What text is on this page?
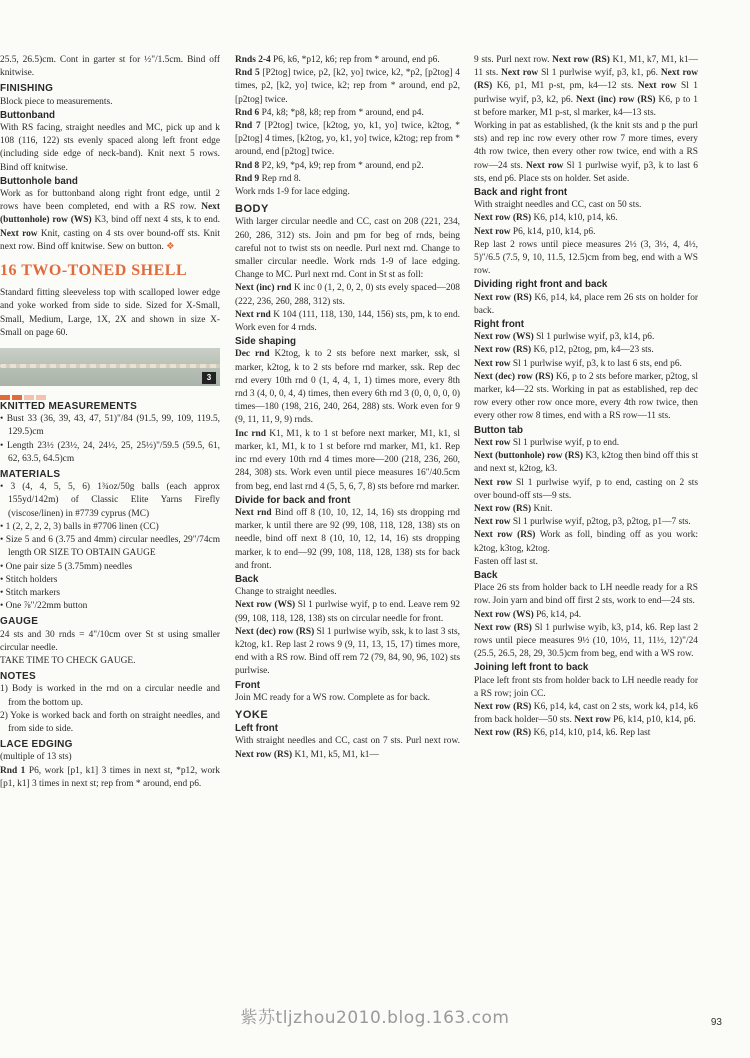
25.5, 26.5)cm. Cont in garter st for ½"/1.5cm. Bind off knitwise.

FINISHING

Block piece to measurements.

Buttonband

With RS facing, straight needles and MC, pick up and k 108 (116, 122) sts evenly spaced along left front edge (including side edge of neck-band). Knit next 5 rows. Bind off knitwise.

Buttonhole band

Work as for buttonband along right front edge, until 2 rows have been completed, end with a RS row. Next (buttonhole) row (WS) K3, bind off next 4 sts, k to end. Next row Knit, casting on 4 sts over bound-off sts. Knit next row. Bind off knitwise. Sew on button. ❖

16 TWO-TONED SHELL

Standard fitting sleeveless top with scalloped lower edge and yoke worked from side to side. Sized for X-Small, Small, Medium, Large, 1X, 2X and shown in size X-Small on page 60.

3
KNITTED MEASUREMENTS

• Bust 33 (36, 39, 43, 47, 51)"/84 (91.5, 99, 109, 119.5, 129.5)cm

• Length 23½ (23½, 24, 24½, 25, 25½)"/59.5 (59.5, 61, 62, 63.5, 64.5)cm

MATERIALS

• 3 (4, 4, 5, 5, 6) 1¾oz/50g balls (each approx 155yd/142m) of Classic Elite Yarns Firefly (viscose/linen) in #7739 cyprus (MC)

• 1 (2, 2, 2, 2, 3) balls in #7706 linen (CC)

• Size 5 and 6 (3.75 and 4mm) circular needles, 29"/74cm length OR SIZE TO OBTAIN GAUGE

• One pair size 5 (3.75mm) needles

• Stitch holders

• Stitch markers

• One ⅞"/22mm button

GAUGE

24 sts and 30 rnds = 4"/10cm over St st using smaller circular needle.

TAKE TIME TO CHECK GAUGE.

NOTES

1) Body is worked in the rnd on a circular needle and from the bottom up.

2) Yoke is worked back and forth on straight needles, and from side to side.

LACE EDGING

(multiple of 13 sts)

Rnd 1 P6, work [p1, k1] 3 times in next st, *p12, work [p1, k1] 3 times in next st; rep from * around, end p6.

Rnds 2-4 P6, k6, *p12, k6; rep from * around, end p6.

Rnd 5 [P2tog] twice, p2, [k2, yo] twice, k2, *p2, [p2tog] 4 times, p2, [k2, yo] twice, k2; rep from * around, end p2, [p2tog] twice.

Rnd 6 P4, k8; *p8, k8; rep from * around, end p4.

Rnd 7 [P2tog] twice, [k2tog, yo, k1, yo] twice, k2tog, *[p2tog] 4 times, [k2tog, yo, k1, yo] twice, k2tog; rep from * around, end [p2tog] twice.

Rnd 8 P2, k9, *p4, k9; rep from * around, end p2.

Rnd 9 Rep rnd 8.

Work rnds 1-9 for lace edging.

BODY

With larger circular needle and CC, cast on 208 (221, 234, 260, 286, 312) sts. Join and pm for beg of rnds, being careful not to twist sts on needle. Purl next rnd. Change to smaller circular needle. Work rnds 1-9 of lace edging. Change to MC. Purl next rnd. Cont in St st as foll:

Next (inc) rnd K inc 0 (1, 2, 0, 2, 0) sts evely spaced—208 (222, 236, 260, 288, 312) sts.

Next rnd K 104 (111, 118, 130, 144, 156) sts, pm, k to end. Work even for 4 rnds.

Side shaping

Dec rnd K2tog, k to 2 sts before next marker, ssk, sl marker, k2tog, k to 2 sts before rnd marker, ssk. Rep dec rnd every 10th rnd 0 (1, 4, 4, 1, 1) times more, every 8th rnd 3 (4, 0, 0, 4, 4) times, then every 6th rnd 3 (0, 0, 0, 0, 0) times—180 (198, 216, 240, 264, 288) sts. Work even for 9 (9, 11, 11, 9, 9) rnds.

Inc rnd K1, M1, k to 1 st before next marker, M1, k1, sl marker, k1, M1, k to 1 st before rnd marker, M1, k1. Rep inc rnd every 10th rnd 4 times more—200 (218, 236, 260, 284, 308) sts. Work even until piece measures 16"/40.5cm from beg, end last rnd 4 (5, 5, 6, 7, 8) sts before rnd marker.

Divide for back and front

Next rnd Bind off 8 (10, 10, 12, 14, 16) sts dropping rnd marker, k until there are 92 (99, 108, 118, 128, 138) sts on needle, bind off next 8 (10, 10, 12, 14, 16) sts dropping marker, k to end—92 (99, 108, 118, 128, 138) sts for back and front.

Back

Change to straight needles.

Next row (WS) Sl 1 purlwise wyif, p to end. Leave rem 92 (99, 108, 118, 128, 138) sts on circular needle for front.

Next (dec) row (RS) Sl 1 purlwise wyib, ssk, k to last 3 sts, k2tog, k1. Rep last 2 rows 9 (9, 11, 13, 15, 17) times more, end with a RS row. Bind off rem 72 (79, 84, 90, 96, 102) sts purlwise.

Front

Join MC ready for a WS row. Complete as for back.

YOKE
Left front

With straight needles and CC, cast on 7 sts. Purl next row. Next row (RS) K1, M1, k5, M1, k1—

9 sts. Purl next row. Next row (RS) K1, M1, k7, M1, k1—11 sts. Next row Sl 1 purlwise wyif, p3, k1, p6. Next row (RS) K6, p1, M1 p-st, pm, k4—12 sts. Next row Sl 1 purlwise wyif, p3, k2, p6. Next (inc) row (RS) K6, p to 1 st before marker, M1 p-st, sl marker, k4—13 sts.

Working in pat as established, (k the knit sts and p the purl sts) and rep inc row every other row 7 more times, every 4th row twice, then every other row twice, end with a RS row—24 sts. Next row Sl 1 purlwise wyif, p3, k to last 6 sts, end p6. Place sts on holder. Set aside.

Back and right front

With straight needles and CC, cast on 50 sts.

Next row (RS) K6, p14, k10, p14, k6.

Next row P6, k14, p10, k14, p6.

Rep last 2 rows until piece measures 2½ (3, 3½, 4, 4½, 5)"/6.5 (7.5, 9, 10, 11.5, 12.5)cm from beg, end with a WS row.

Dividing right front and back

Next row (RS) K6, p14, k4, place rem 26 sts on holder for back.

Right front

Next row (WS) Sl 1 purlwise wyif, p3, k14, p6.

Next row (RS) K6, p12, p2tog, pm, k4—23 sts.

Next row Sl 1 purlwise wyif, p3, k to last 6 sts, end p6.

Next (dec) row (RS) K6, p to 2 sts before marker, p2tog, sl marker, k4—22 sts. Working in pat as established, rep dec row every other row once more, every 4th row twice, then every other row 8 times, end with a RS row—11 sts.

Button tab

Next row Sl 1 purlwise wyif, p to end.

Next (buttonhole) row (RS) K3, k2tog then bind off this st and next st, k2tog, k3.

Next row Sl 1 purlwise wyif, p to end, casting on 2 sts over bound-off sts—9 sts.

Next row (RS) Knit.

Next row Sl 1 purlwise wyif, p2tog, p3, p2tog, p1—7 sts.

Next row (RS) Work as foll, binding off as you work: k2tog, k3tog, k2tog.

Fasten off last st.

Back

Place 26 sts from holder back to LH needle ready for a RS row. Join yarn and bind off first 2 sts, work to end—24 sts.

Next row (WS) P6, k14, p4.

Next row (RS) Sl 1 purlwise wyib, k3, p14, k6. Rep last 2 rows until piece measures 9½ (10, 10½, 11, 11½, 12)"/24 (25.5, 26.5, 28, 29, 30.5)cm from beg, end with a WS row.

Joining left front to back

Place left front sts from holder back to LH needle ready for a RS row; join CC.

Next row (RS) K6, p14, k4, cast on 2 sts, work k4, p14, k6 from back holder—50 sts. Next row P6, k14, p10, k14, p6.

Next row (RS) K6, p14, k10, p14, k6. Rep last

紫苏tljzhou2010.blog.163.com	93
